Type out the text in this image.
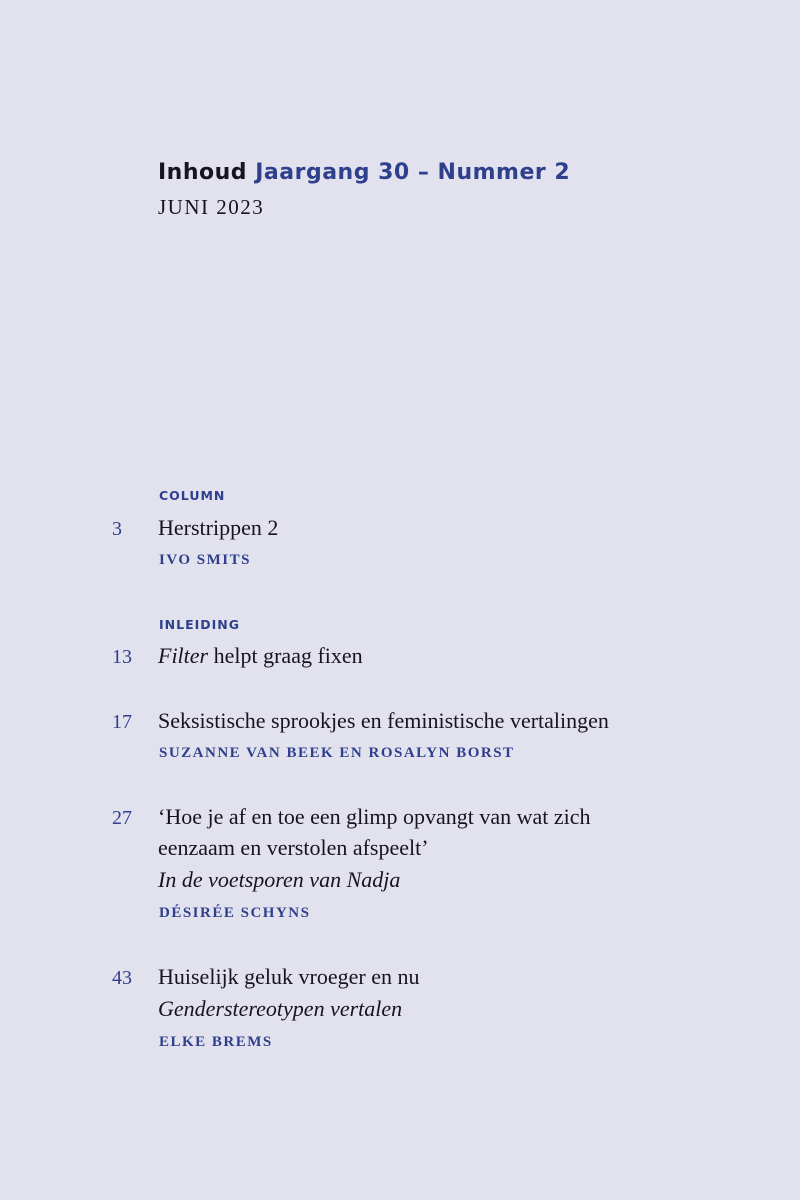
Inhoud Jaargang 30 – Nummer 2
JUNI 2023
COLUMN
3 Herstrippen 2
IVO SMITS
INLEIDING
13 Filter helpt graag fixen
17 Seksistische sprookjes en feministische vertalingen
SUZANNE VAN BEEK EN ROSALYN BORST
27 ‘Hoe je af en toe een glimp opvangt van wat zich
eenzaam en verstolen afspeelt’
In de voetsporen van Nadja
DÉSIRÉE SCHYNS
43 Huiselijk geluk vroeger en nu
Genderstereotypen vertalen
ELKE BREMS
